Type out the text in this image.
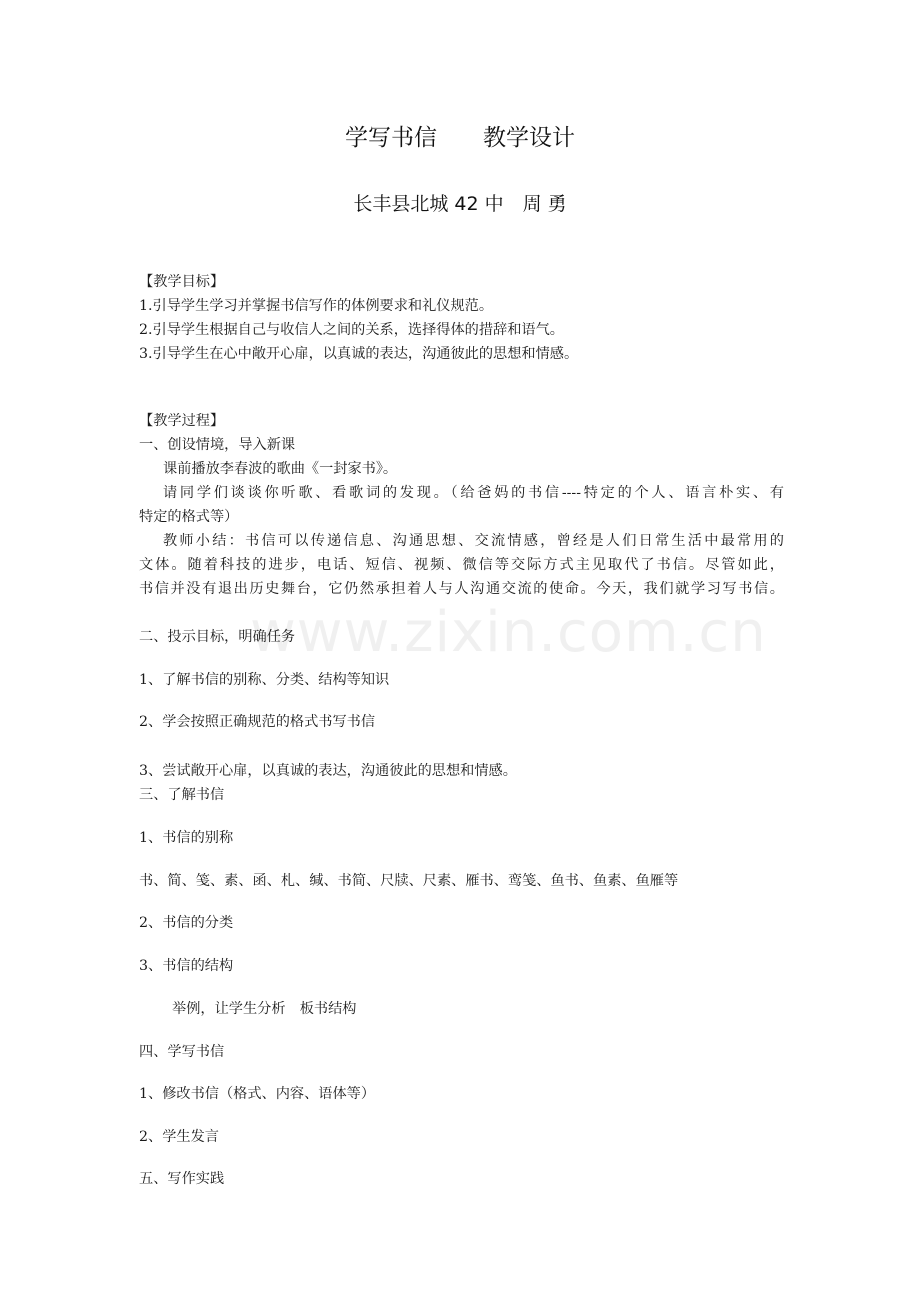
www.zixin.com.cn
学写书信　　教学设计
长丰县北城 42 中　周 勇
【教学目标】
1.引导学生学习并掌握书信写作的体例要求和礼仪规范。
2.引导学生根据自己与收信人之间的关系，选择得体的措辞和语气。
3.引导学生在心中敞开心扉，以真诚的表达，沟通彼此的思想和情感。
【教学过程】
一、创设情境，导入新课
课前播放李春波的歌曲《一封家书》。
请同学们谈谈你听歌、看歌词的发现。（给爸妈的书信----特定的个人、语言朴实、有
特定的格式等）
教师小结：书信可以传递信息、沟通思想、交流情感，曾经是人们日常生活中最常用的
文体。随着科技的进步，电话、短信、视频、微信等交际方式主见取代了书信。尽管如此，
书信并没有退出历史舞台，它仍然承担着人与人沟通交流的使命。今天，我们就学习写书信。
二、投示目标，明确任务
1、了解书信的别称、分类、结构等知识
2、学会按照正确规范的格式书写书信
3、尝试敞开心扉，以真诚的表达，沟通彼此的思想和情感。
三、了解书信
1、书信的别称
书、简、笺、素、函、札、缄、书简、尺牍、尺素、雁书、鸾笺、鱼书、鱼素、鱼雁等
2、书信的分类
3、书信的结构
举例，让学生分析　板书结构
四、学写书信
1、修改书信（格式、内容、语体等）
2、学生发言
五、写作实践
